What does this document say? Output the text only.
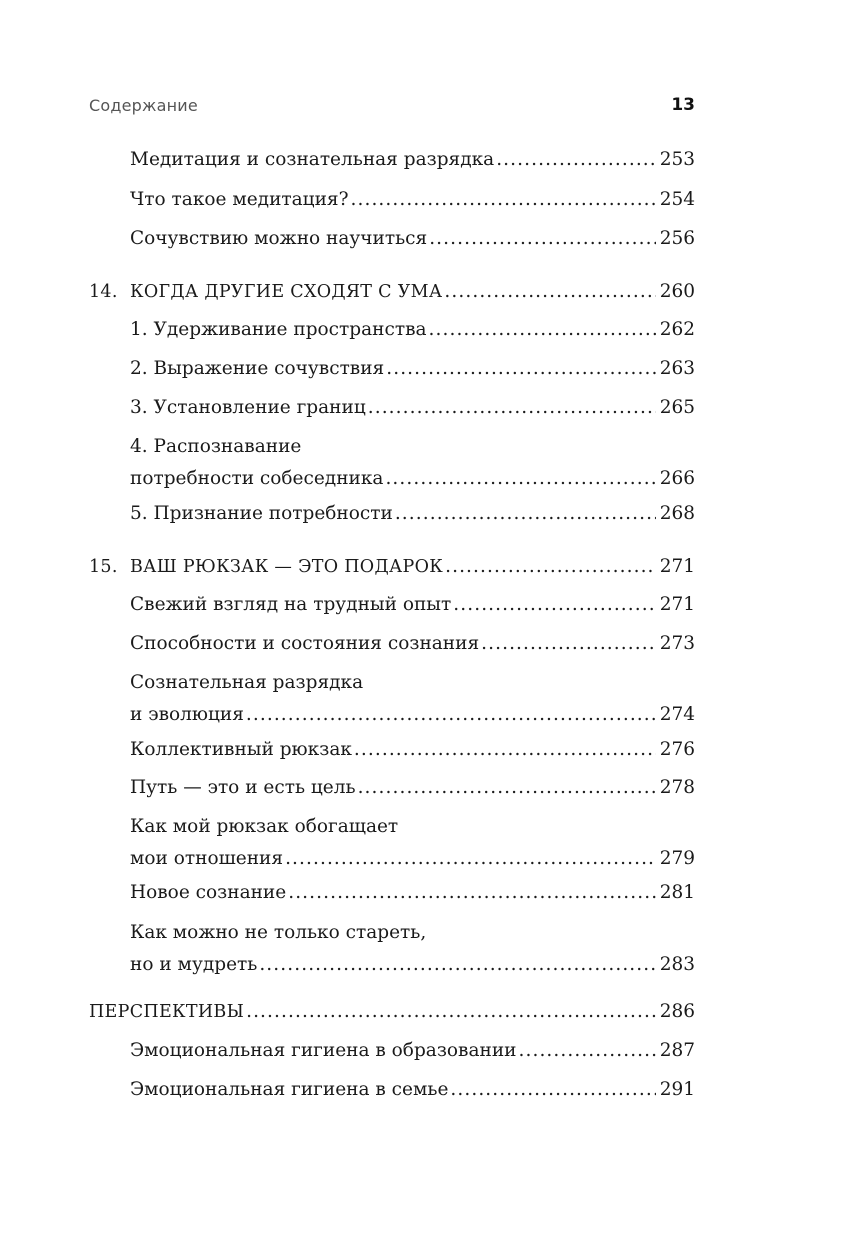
Содержание	13
Медитация и сознательная разрядка .....	253
Что такое медитация? .....	254
Сочувствию можно научиться .....	256
14. КОГДА ДРУГИЕ СХОДЯТ С УМА .....	260
1. Удерживание пространства .....	262
2. Выражение сочувствия .....	263
3. Установление границ .....	265
4. Распознавание
потребности собеседника .....	266
5. Признание потребности .....	268
15. ВАШ РЮКЗАК — ЭТО ПОДАРОК .....	271
Свежий взгляд на трудный опыт .....	271
Способности и состояния сознания .....	273
Сознательная разрядка
и эволюция .....	274
Коллективный рюкзак .....	276
Путь — это и есть цель .....	278
Как мой рюкзак обогащает
мои отношения .....	279
Новое сознание .....	281
Как можно не только стареть,
но и мудреть .....	283
ПЕРСПЕКТИВЫ .....	286
Эмоциональная гигиена в образовании .....	287
Эмоциональная гигиена в семье .....	291
